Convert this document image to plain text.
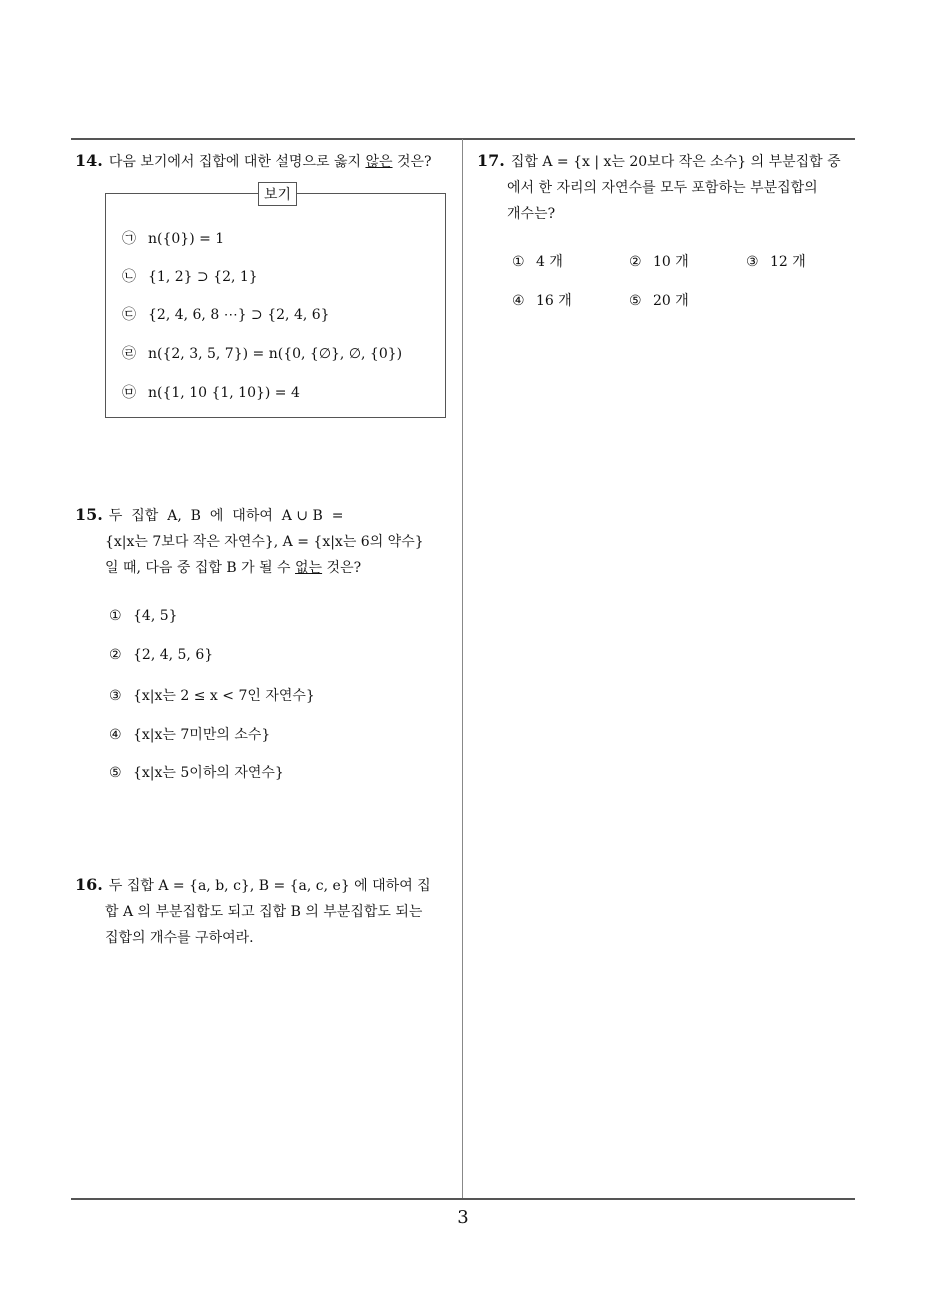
14. 다음 보기에서 집합에 대한 설명으로 옳지 않은 것은?
보기
㉠ n({0}) = 1
㉡ {1, 2} ⊃ {2, 1}
㉢ {2, 4, 6, 8 ⋯} ⊃ {2, 4, 6}
㉣ n({2, 3, 5, 7}) = n({0, {∅}, ∅, {0})
㉤ n({1, 10 {1, 10}) = 4
15. 두  집합  A,  B  에  대하여  A ∪ B  =
{x|x는 7보다 작은 자연수}, A = {x|x는 6의 약수}
일 때, 다음 중 집합 B 가 될 수 없는 것은?
① {4, 5}
② {2, 4, 5, 6}
③ {x|x는 2 ≤ x < 7인 자연수}
④ {x|x는 7미만의 소수}
⑤ {x|x는 5이하의 자연수}
16. 두 집합 A = {a, b, c}, B = {a, c, e} 에 대하여 집
합 A 의 부분집합도 되고 집합 B 의 부분집합도 되는
집합의 개수를 구하여라.
17. 집합 A = {x | x는 20보다 작은 소수} 의 부분집합 중
에서 한 자리의 자연수를 모두 포함하는 부분집합의
개수는?
① 4 개	② 10 개	③ 12 개
④ 16 개	⑤ 20 개
3
